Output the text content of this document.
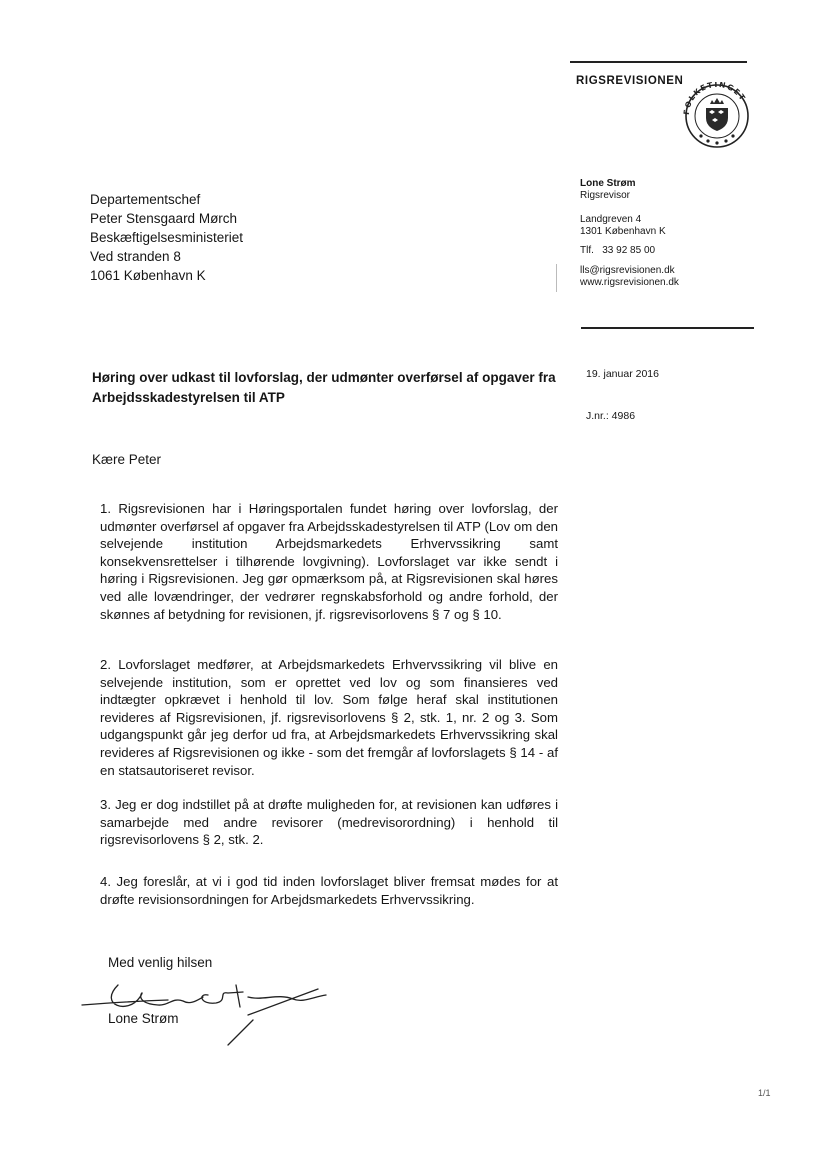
RIGSREVISIONEN
FOLKETINGET
Lone Strøm
Rigsrevisor
Landgreven 4
1301 København K
Tlf. 33 92 85 00
lls@rigsrevisionen.dk
www.rigsrevisionen.dk
Departementschef
Peter Stensgaard Mørch
Beskæftigelsesministeriet
Ved stranden 8
1061 København K
Høring over udkast til lovforslag, der udmønter overførsel af opgaver fra Arbejdsskadestyrelsen til ATP
19. januar 2016
J.nr.: 4986
Kære Peter
1. Rigsrevisionen har i Høringsportalen fundet høring over lovforslag, der udmønter overførsel af opgaver fra Arbejdsskadestyrelsen til ATP (Lov om den selvejende institution Arbejdsmarkedets Erhvervssikring samt konsekvensrettelser i tilhørende lovgivning). Lovforslaget var ikke sendt i høring i Rigsrevisionen. Jeg gør opmærksom på, at Rigsrevisionen skal høres ved alle lovændringer, der vedrører regnskabsforhold og andre forhold, der skønnes af betydning for revisionen, jf. rigsrevisorlovens § 7 og § 10.
2. Lovforslaget medfører, at Arbejdsmarkedets Erhvervssikring vil blive en selvejende institution, som er oprettet ved lov og som finansieres ved indtægter opkrævet i henhold til lov. Som følge heraf skal institutionen revideres af Rigsrevisionen, jf. rigsrevisorlovens § 2, stk. 1, nr. 2 og 3. Som udgangspunkt går jeg derfor ud fra, at Arbejdsmarkedets Erhvervssikring skal revideres af Rigsrevisionen og ikke - som det fremgår af lovforslagets § 14 - af en statsautoriseret revisor.
3. Jeg er dog indstillet på at drøfte muligheden for, at revisionen kan udføres i samarbejde med andre revisorer (medrevisorordning) i henhold til rigsrevisorlovens § 2, stk. 2.
4. Jeg foreslår, at vi i god tid inden lovforslaget bliver fremsat mødes for at drøfte revisionsordningen for Arbejdsmarkedets Erhvervssikring.
Med venlig hilsen
Lone Strøm
1/1
